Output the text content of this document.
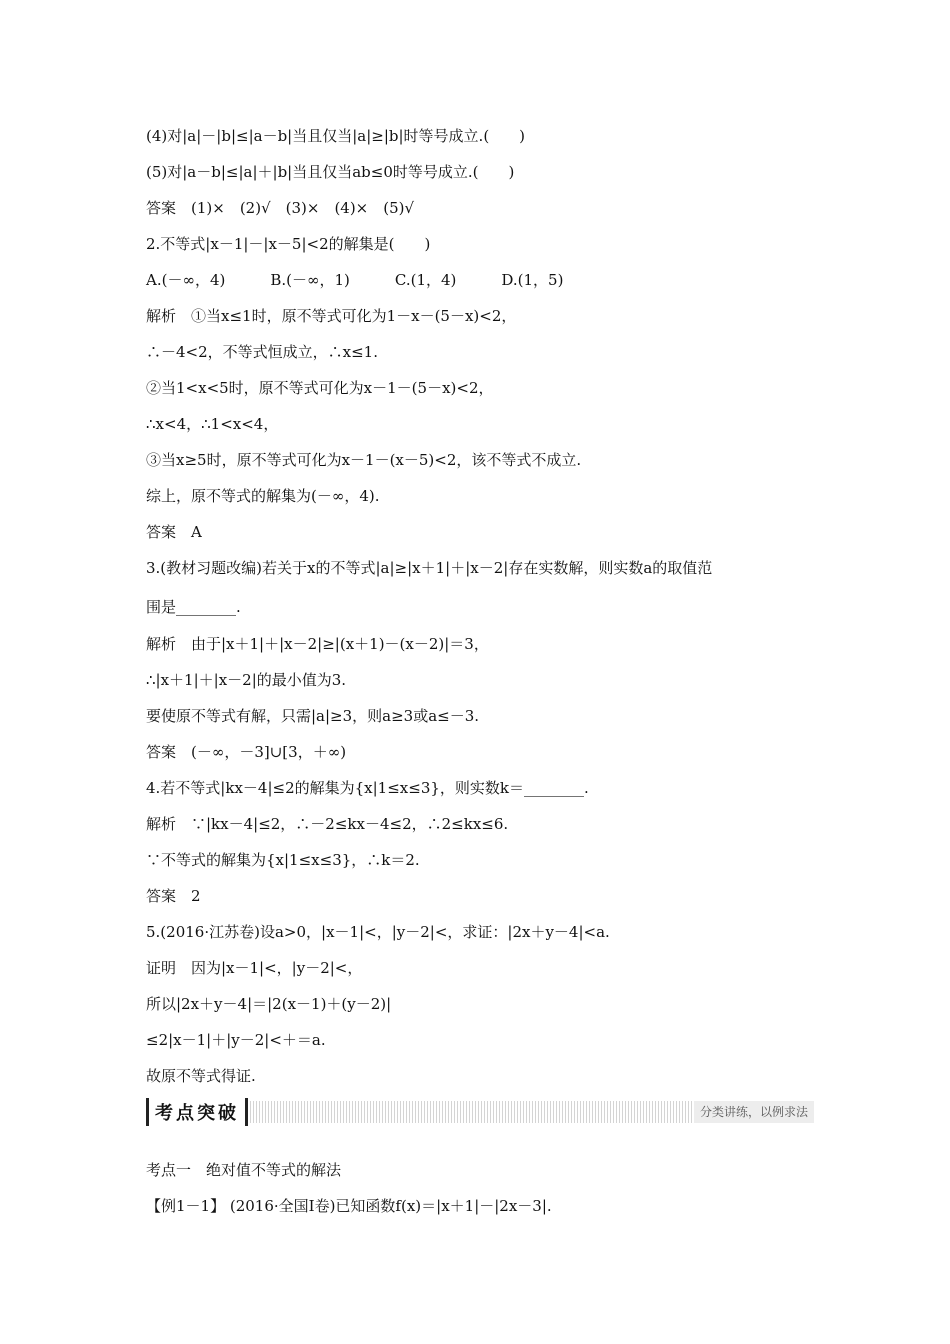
(4)对|a|－|b|≤|a－b|当且仅当|a|≥|b|时等号成立.(　　)
(5)对|a－b|≤|a|＋|b|当且仅当ab≤0时等号成立.(　　)
答案　(1)×　(2)√　(3)×　(4)×　(5)√
2.不等式|x－1|－|x－5|<2的解集是(　　)
A.(－∞，4)　　　B.(－∞，1)　　　C.(1，4)　　　D.(1，5)
解析　①当x≤1时，原不等式可化为1－x－(5－x)<2，
∴－4<2，不等式恒成立，∴x≤1.
②当1<x<5时，原不等式可化为x－1－(5－x)<2，
∴x<4，∴1<x<4，
③当x≥5时，原不等式可化为x－1－(x－5)<2，该不等式不成立.
综上，原不等式的解集为(－∞，4).
答案　A
3.(教材习题改编)若关于x的不等式|a|≥|x＋1|＋|x－2|存在实数解，则实数a的取值范
围是________.
解析　由于|x＋1|＋|x－2|≥|(x＋1)－(x－2)|＝3，
∴|x＋1|＋|x－2|的最小值为3.
要使原不等式有解，只需|a|≥3，则a≥3或a≤－3.
答案　(－∞，－3]∪[3，＋∞)
4.若不等式|kx－4|≤2的解集为{x|1≤x≤3}，则实数k＝________.
解析　∵|kx－4|≤2，∴－2≤kx－4≤2，∴2≤kx≤6.
∵不等式的解集为{x|1≤x≤3}，∴k＝2.
答案　2
5.(2016·江苏卷)设a>0，|x－1|<，|y－2|<，求证：|2x＋y－4|<a.
证明　因为|x－1|<，|y－2|<，
所以|2x＋y－4|＝|2(x－1)＋(y－2)|
≤2|x－1|＋|y－2|<＋＝a.
故原不等式得证.
考点突破	分类讲练，以例求法
考点一　绝对值不等式的解法
【例1－1】 (2016·全国Ⅰ卷)已知函数f(x)＝|x＋1|－|2x－3|.
